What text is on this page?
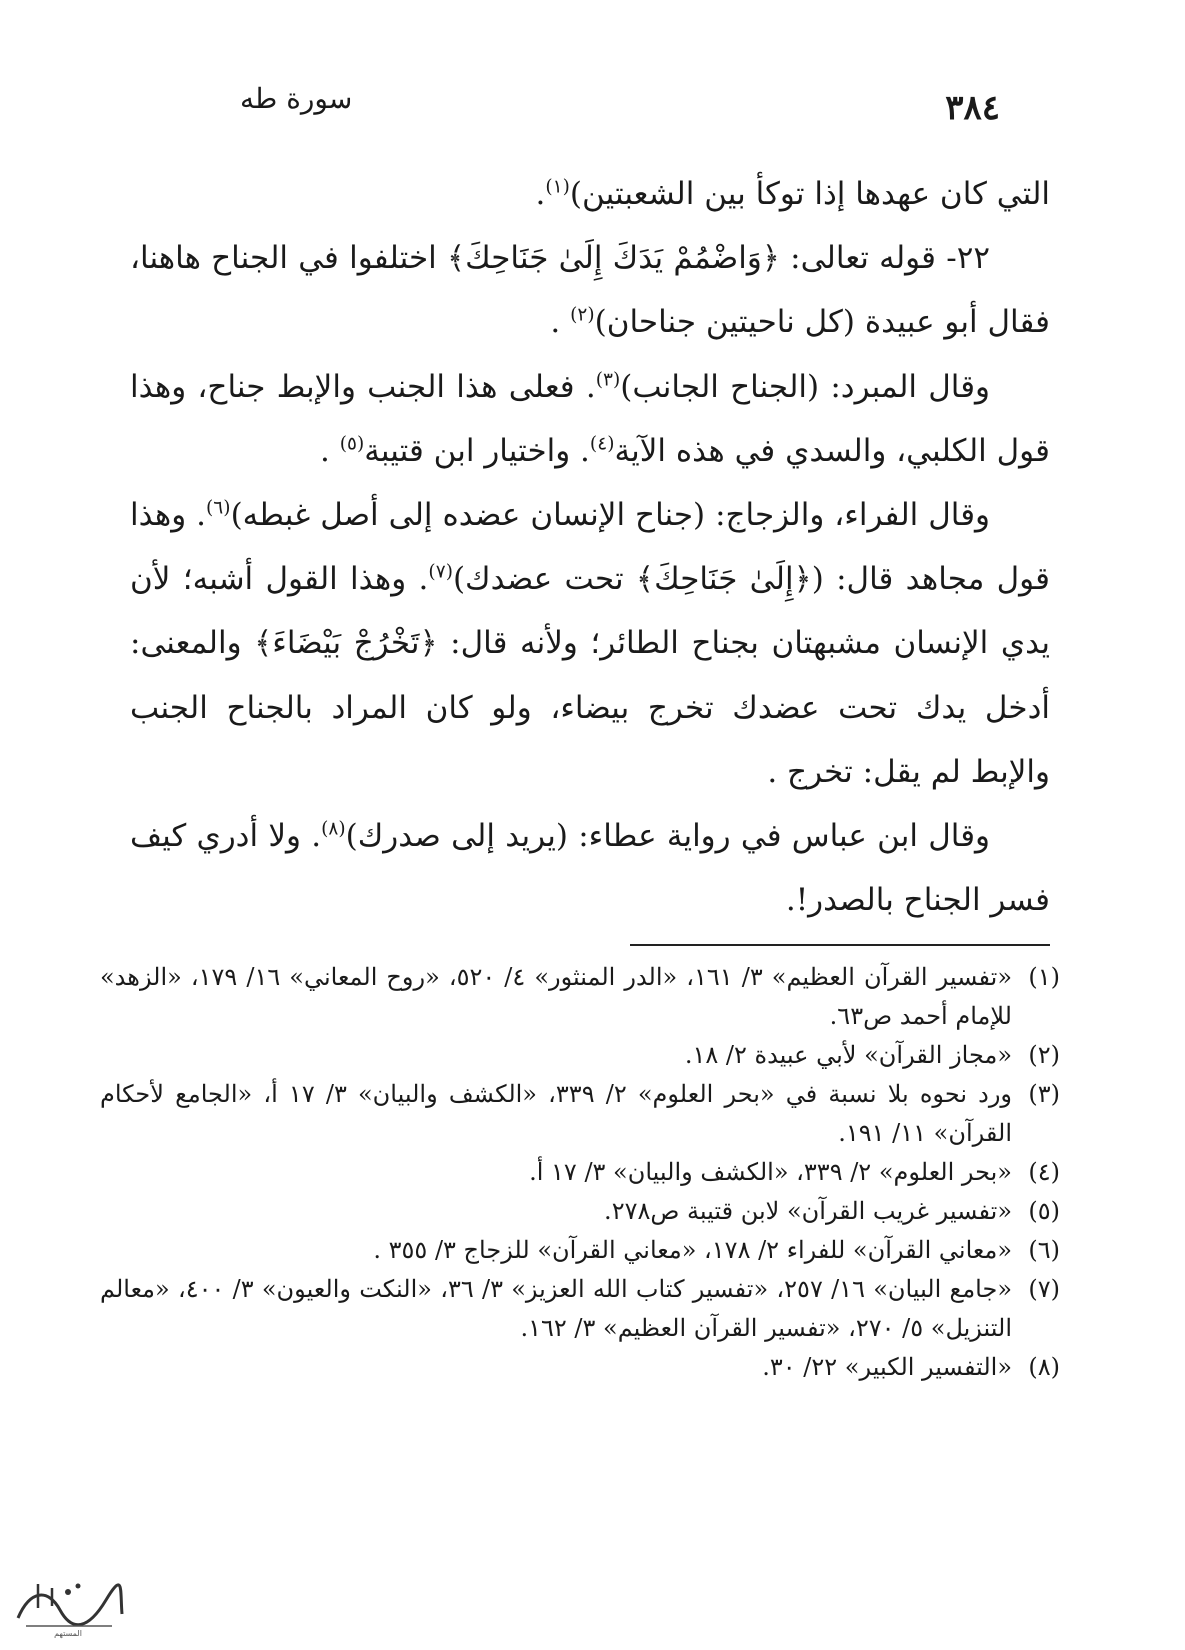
٣٨٤
سورة طه

التي كان عهدها إذا توكأ بين الشعبتين)$^{(١)}$.

٢٢- قوله تعالى: ﴿وَاضْمُمْ يَدَكَ إِلَىٰ جَنَاحِكَ﴾ اختلفوا في الجناح هاهنا، فقال أبو عبيدة (كل ناحيتين جناحان)$^{(٢)}$ .

وقال المبرد: (الجناح الجانب)$^{(٣)}$. فعلى هذا الجنب والإبط جناح، وهذا قول الكلبي، والسدي في هذه الآية$^{(٤)}$. واختيار ابن قتيبة$^{(٥)}$ .

وقال الفراء، والزجاج: (جناح الإنسان عضده إلى أصل غبطه)$^{(٦)}$. وهذا قول مجاهد قال: (﴿إِلَىٰ جَنَاحِكَ﴾ تحت عضدك)$^{(٧)}$. وهذا القول أشبه؛ لأن يدي الإنسان مشبهتان بجناح الطائر؛ ولأنه قال: ﴿تَخْرُجْ بَيْضَاءَ﴾ والمعنى: أدخل يدك تحت عضدك تخرج بيضاء، ولو كان المراد بالجناح الجنب والإبط لم يقل: تخرج .

وقال ابن عباس في رواية عطاء: (يريد إلى صدرك)$^{(٨)}$. ولا أدري كيف فسر الجناح بالصدر!.

(١)
«تفسير القرآن العظيم» ٣/ ١٦١، «الدر المنثور» ٤/ ٥٢٠، «روح المعاني» ١٦/ ١٧٩، «الزهد» للإمام أحمد ص٦٣.
(٢)
«مجاز القرآن» لأبي عبيدة ٢/ ١٨.
(٣)
ورد نحوه بلا نسبة في «بحر العلوم» ٢/ ٣٣٩، «الكشف والبيان» ٣/ ١٧ أ، «الجامع لأحكام القرآن» ١١/ ١٩١.
(٤)
«بحر العلوم» ٢/ ٣٣٩، «الكشف والبيان» ٣/ ١٧ أ.
(٥)
«تفسير غريب القرآن» لابن قتيبة ص٢٧٨.
(٦)
«معاني القرآن» للفراء ٢/ ١٧٨، «معاني القرآن» للزجاج ٣/ ٣٥٥ .
(٧)
«جامع البيان» ١٦/ ٢٥٧، «تفسير كتاب الله العزيز» ٣/ ٣٦، «النكت والعيون» ٣/ ٤٠٠، «معالم التنزيل» ٥/ ٢٧٠، «تفسير القرآن العظيم» ٣/ ١٦٢.
(٨)
«التفسير الكبير» ٢٢/ ٣٠.
المستهم
